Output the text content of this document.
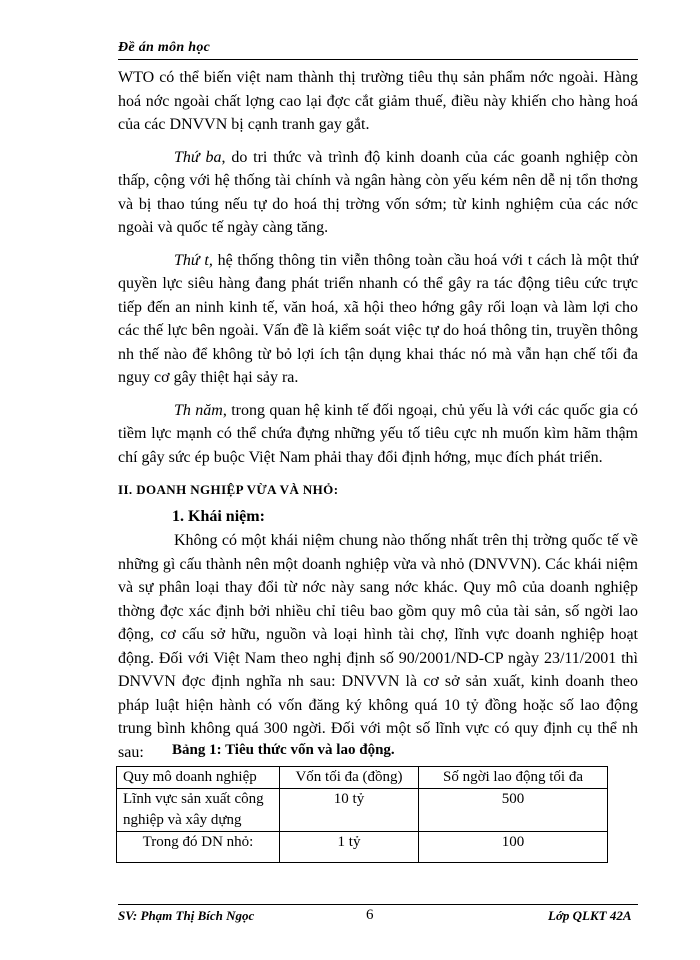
Đề án môn học

WTO có thể biến việt nam thành thị trường tiêu thụ sản phẩm nớc ngoài. Hàng hoá nớc ngoài chất lợng cao lại đợc cắt giảm thuế, điều này khiến cho hàng hoá của các DNVVN bị cạnh tranh gay gắt.

Thứ ba, do tri thức và trình độ kinh doanh của các goanh nghiệp còn thấp, cộng với hệ thống tài chính và ngân hàng còn yếu kém nên dễ nị tổn thơng và bị thao túng nếu tự do hoá thị trờng vốn sớm; từ kinh nghiệm của các nớc ngoài và quốc tế ngày càng tăng.

Thứ t, hệ thống thông tin viễn thông toàn cầu hoá với t cách là một thứ quyền lực siêu hàng đang phát triển nhanh có thể gây ra tác động tiêu cức trực tiếp đến an ninh kinh tế, văn hoá, xã hội theo hớng gây rối loạn và làm lợi cho các thế lực bên ngoài. Vấn đề là kiểm soát việc tự do hoá thông tin, truyền thông nh thế nào để không từ bỏ lợi ích tận dụng khai thác nó mà vẫn hạn chế tối đa nguy cơ gây thiệt hại sảy ra.

Th năm, trong quan hệ kinh tế đối ngoại, chủ yếu là với các quốc gia có tiềm lực mạnh có thể chứa đựng những yếu tố tiêu cực nh muốn kìm hãm thậm chí gây sức ép buộc Việt Nam phải thay đổi định hớng, mục đích phát triển.

II. DOANH NGHIỆP VỪA VÀ NHỎ:

1. Khái niệm:

Không có một khái niệm chung nào thống nhất trên thị trờng quốc tế về những gì cấu thành nên một doanh nghiệp vừa và nhỏ (DNVVN). Các khái niệm và sự phân loại thay đổi từ nớc này sang nớc khác. Quy mô của doanh nghiệp thờng đợc xác định bởi nhiều chỉ tiêu bao gồm quy mô của tài sản, số ngời lao động, cơ cấu sở hữu, nguồn và loại hình tài chợ, lĩnh vực doanh nghiệp hoạt động. Đối với Việt Nam theo nghị định số 90/2001/ND-CP ngày 23/11/2001 thì DNVVN đợc định nghĩa nh sau: DNVVN là cơ sở sản xuất, kinh doanh theo pháp luật hiện hành có vốn đăng ký không quá 10 tỷ đồng hoặc số lao động trung bình không quá 300 ngời. Đối với một số lĩnh vực có quy định cụ thể nh sau:	Bảng 1: Tiêu thức vốn và lao động.
Quy mô doanh nghiệp	Vốn tối đa (đồng)	Số ngời lao động tối đa
Lĩnh vực sản xuất công nghiệp và xây dựng	10 tỷ	500
Trong đó DN nhỏ:	1 tỷ	100
SV: Phạm Thị Bích Ngọc	6	Lớp QLKT 42A
